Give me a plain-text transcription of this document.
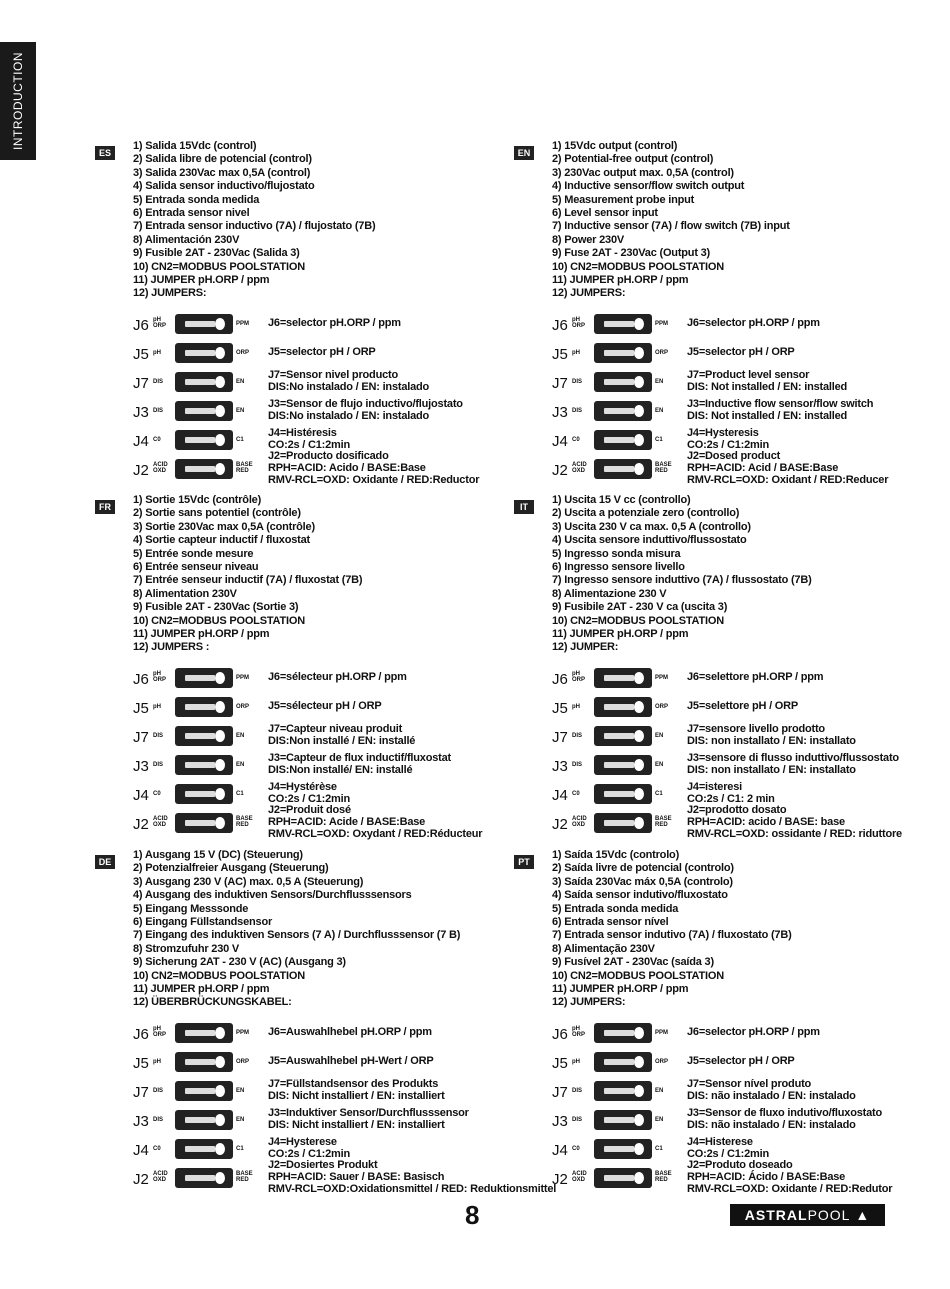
INTRODUCTION
ES
1) Salida 15Vdc (control)
2) Salida libre de potencial (control)
3) Salida 230Vac max 0,5A (control)
4) Salida sensor inductivo/flujostato
5) Entrada sonda medida
6) Entrada sensor nivel
7) Entrada sensor inductivo (7A) / flujostato (7B)
8) Alimentación 230V
9) Fusible 2AT - 230Vac (Salida 3)
10) CN2=MODBUS POOLSTATION
11) JUMPER pH.ORP / ppm
12) JUMPERS:
J6 pH ORP	PPM	J6=selector pH.ORP / ppm
J5 pH	ORP	J5=selector pH / ORP
J7 DIS	EN
J7=Sensor nivel producto
DIS:No instalado / EN: instalado
J3 DIS	EN
J3=Sensor de flujo inductivo/flujostato
DIS:No instalado / EN: instalado
J4 C0	C1
J4=Histéresis
CO:2s / C1:2min
J2 ACID OXD
BASE RED
J2=Producto dosificado
RPH=ACID: Acido / BASE:Base
RMV-RCL=OXD: Oxidante / RED:Reductor
EN
1) 15Vdc output (control)
2) Potential-free output (control)
3) 230Vac output max. 0,5A (control)
4) Inductive sensor/flow switch output
5) Measurement probe input
6) Level sensor input
7) Inductive sensor (7A) / flow switch (7B) input
8) Power 230V
9) Fuse 2AT - 230Vac (Output 3)
10) CN2=MODBUS POOLSTATION
11) JUMPER pH.ORP / ppm
12) JUMPERS:
J6 pH ORP	PPM	J6=selector pH.ORP / ppm
J5 pH	ORP	J5=selector pH / ORP
J7 DIS	EN
J7=Product level sensor
DIS: Not installed / EN: installed
J3 DIS	EN
J3=Inductive flow sensor/flow switch
DIS: Not installed / EN: installed
J4 C0	C1
J4=Hysteresis
CO:2s / C1:2min
J2 ACID OXD
BASE RED
J2=Dosed product
RPH=ACID: Acid / BASE:Base
RMV-RCL=OXD: Oxidant / RED:Reducer
FR
1) Sortie 15Vdc (contrôle)
2) Sortie sans potentiel (contrôle)
3) Sortie 230Vac max 0,5A (contrôle)
4) Sortie capteur inductif / fluxostat
5) Entrée sonde mesure
6) Entrée senseur niveau
7) Entrée senseur inductif (7A) / fluxostat (7B)
8) Alimentation 230V
9) Fusible 2AT - 230Vac (Sortie 3)
10) CN2=MODBUS POOLSTATION
11) JUMPER pH.ORP / ppm
12) JUMPERS :
J6 pH ORP	PPM	J6=sélecteur pH.ORP / ppm
J5 pH	ORP	J5=sélecteur pH / ORP
J7 DIS	EN
J7=Capteur niveau produit
DIS:Non installé / EN: installé
J3 DIS	EN
J3=Capteur de flux inductif/fluxostat
DIS:Non installé/ EN: installé
J4 C0	C1
J4=Hystérèse
CO:2s / C1:2min
J2 ACID OXD
BASE RED
J2=Produit dosé
RPH=ACID: Acide / BASE:Base
RMV-RCL=OXD: Oxydant / RED:Réducteur
IT
1) Uscita 15 V cc (controllo)
2) Uscita a potenziale zero (controllo)
3) Uscita 230 V ca max. 0,5 A (controllo)
4) Uscita sensore induttivo/flussostato
5) Ingresso sonda misura
6) Ingresso sensore livello
7) Ingresso sensore induttivo (7A) / flussostato (7B)
8) Alimentazione 230 V
9) Fusibile 2AT - 230 V ca (uscita 3)
10) CN2=MODBUS POOLSTATION
11) JUMPER pH.ORP / ppm
12) JUMPER:
J6 pH ORP	PPM	J6=selettore pH.ORP / ppm
J5 pH	ORP	J5=selettore pH / ORP
J7 DIS	EN
J7=sensore livello prodotto
DIS: non installato / EN: installato
J3 DIS	EN
J3=sensore di flusso induttivo/flussostato
DIS: non installato / EN: installato
J4 C0	C1
J4=isteresi
CO:2s / C1: 2 min
J2 ACID OXD
BASE RED
J2=prodotto dosato
RPH=ACID: acido / BASE: base
RMV-RCL=OXD: ossidante / RED: riduttore
DE
1) Ausgang 15 V (DC) (Steuerung)
2) Potenzialfreier Ausgang (Steuerung)
3) Ausgang 230 V (AC) max. 0,5 A (Steuerung)
4) Ausgang des induktiven Sensors/Durchflusssensors
5) Eingang Messsonde
6) Eingang Füllstandsensor
7) Eingang des induktiven Sensors (7 A) / Durchflusssensor (7 B)
8) Stromzufuhr 230 V
9) Sicherung 2AT - 230 V (AC) (Ausgang 3)
10) CN2=MODBUS POOLSTATION
11) JUMPER pH.ORP / ppm
12) ÜBERBRÜCKUNGSKABEL:
J6 pH ORP	PPM	J6=Auswahlhebel pH.ORP / ppm
J5 pH	ORP	J5=Auswahlhebel pH-Wert / ORP
J7 DIS	EN
J7=Füllstandsensor des Produkts
DIS: Nicht installiert / EN: installiert
J3 DIS	EN
J3=Induktiver Sensor/Durchflusssensor
DIS: Nicht installiert / EN: installiert
J4 C0	C1
J4=Hysterese
CO:2s / C1:2min
J2 ACID OXD
BASE RED
J2=Dosiertes Produkt
RPH=ACID: Sauer / BASE: Basisch
RMV-RCL=OXD:Oxidationsmittel / RED: Reduktionsmittel
PT
1) Saída 15Vdc (controlo)
2) Saída livre de potencial (controlo)
3) Saída 230Vac máx 0,5A (controlo)
4) Saída sensor indutivo/fluxostato
5) Entrada sonda medida
6) Entrada sensor nível
7) Entrada sensor indutivo (7A) / fluxostato (7B)
8) Alimentação 230V
9) Fusível 2AT - 230Vac (saída 3)
10) CN2=MODBUS POOLSTATION
11) JUMPER pH.ORP / ppm
12) JUMPERS:
J6 pH ORP	PPM	J6=selector pH.ORP / ppm
J5 pH	ORP	J5=selector pH / ORP
J7 DIS	EN
J7=Sensor nível produto
DIS: não instalado / EN: instalado
J3 DIS	EN
J3=Sensor de fluxo indutivo/fluxostato
DIS: não instalado / EN: instalado
J4 C0	C1
J4=Histerese
CO:2s / C1:2min
J2 ACID OXD
BASE RED
J2=Produto doseado
RPH=ACID: Ácido / BASE:Base
RMV-RCL=OXD: Oxidante / RED:Redutor
8	ASTRALPOOL ▲
